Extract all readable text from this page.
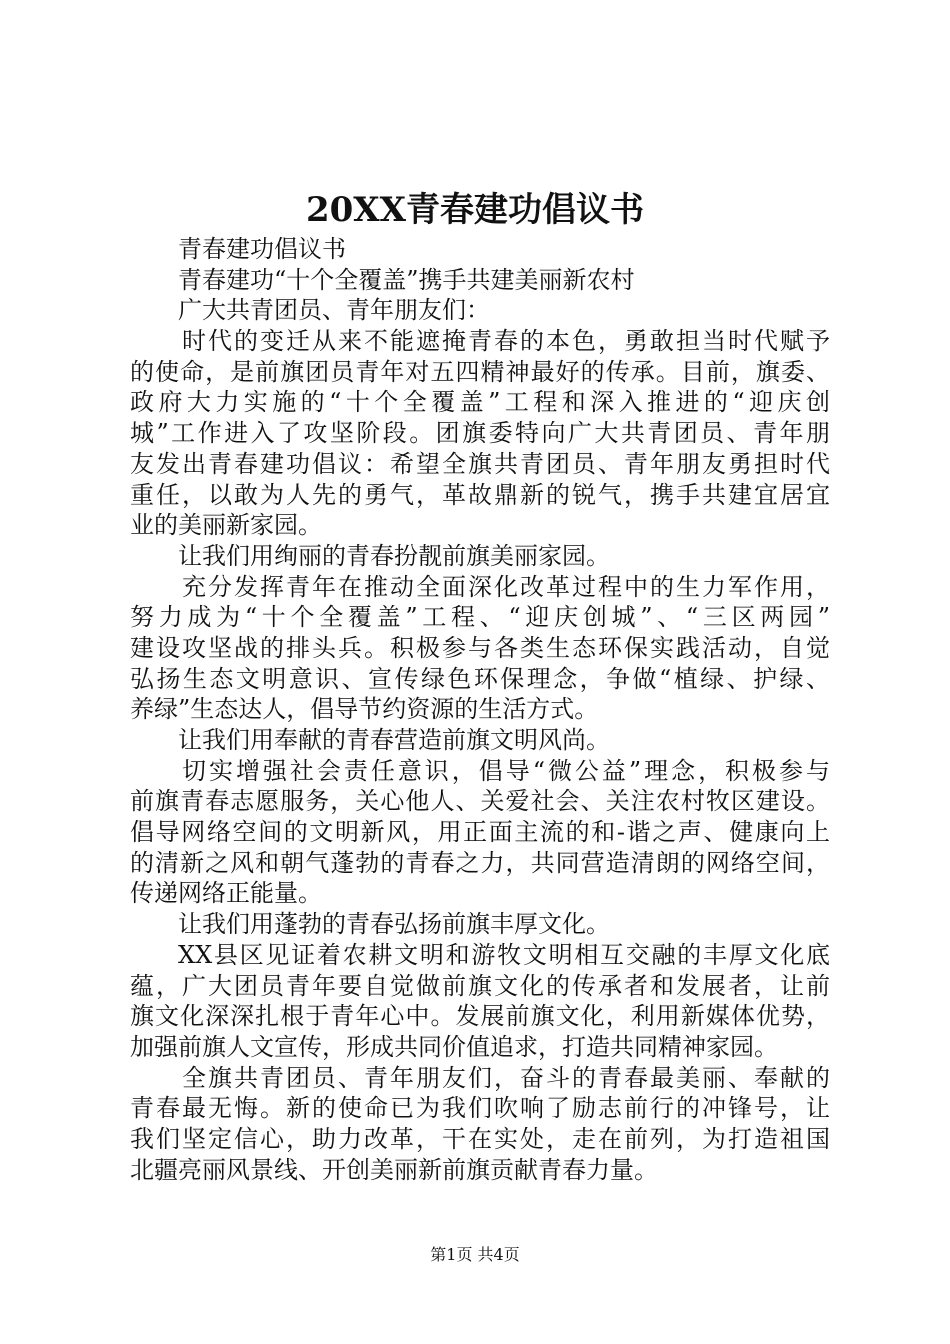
20XX青春建功倡议书
青春建功倡议书
青春建功“十个全覆盖”携手共建美丽新农村
广大共青团员、青年朋友们：
时代的变迁从来不能遮掩青春的本色，勇敢担当时代赋予
的使命，是前旗团员青年对五四精神最好的传承。目前，旗委、
政府大力实施的“十个全覆盖”工程和深入推进的“迎庆创
城”工作进入了攻坚阶段。团旗委特向广大共青团员、青年朋
友发出青春建功倡议：希望全旗共青团员、青年朋友勇担时代
重任，以敢为人先的勇气，革故鼎新的锐气，携手共建宜居宜
业的美丽新家园。
让我们用绚丽的青春扮靓前旗美丽家园。
充分发挥青年在推动全面深化改革过程中的生力军作用，
努力成为“十个全覆盖”工程、“迎庆创城”、“三区两园”
建设攻坚战的排头兵。积极参与各类生态环保实践活动，自觉
弘扬生态文明意识、宣传绿色环保理念，争做“植绿、护绿、
养绿”生态达人，倡导节约资源的生活方式。
让我们用奉献的青春营造前旗文明风尚。
切实增强社会责任意识，倡导“微公益”理念，积极参与
前旗青春志愿服务，关心他人、关爱社会、关注农村牧区建设。
倡导网络空间的文明新风，用正面主流的和-谐之声、健康向上
的清新之风和朝气蓬勃的青春之力，共同营造清朗的网络空间，
传递网络正能量。
让我们用蓬勃的青春弘扬前旗丰厚文化。
XX县区见证着农耕文明和游牧文明相互交融的丰厚文化底
蕴，广大团员青年要自觉做前旗文化的传承者和发展者，让前
旗文化深深扎根于青年心中。发展前旗文化，利用新媒体优势，
加强前旗人文宣传，形成共同价值追求，打造共同精神家园。
全旗共青团员、青年朋友们，奋斗的青春最美丽、奉献的
青春最无悔。新的使命已为我们吹响了励志前行的冲锋号，让
我们坚定信心，助力改革，干在实处，走在前列，为打造祖国
北疆亮丽风景线、开创美丽新前旗贡献青春力量。
第1页 共4页
